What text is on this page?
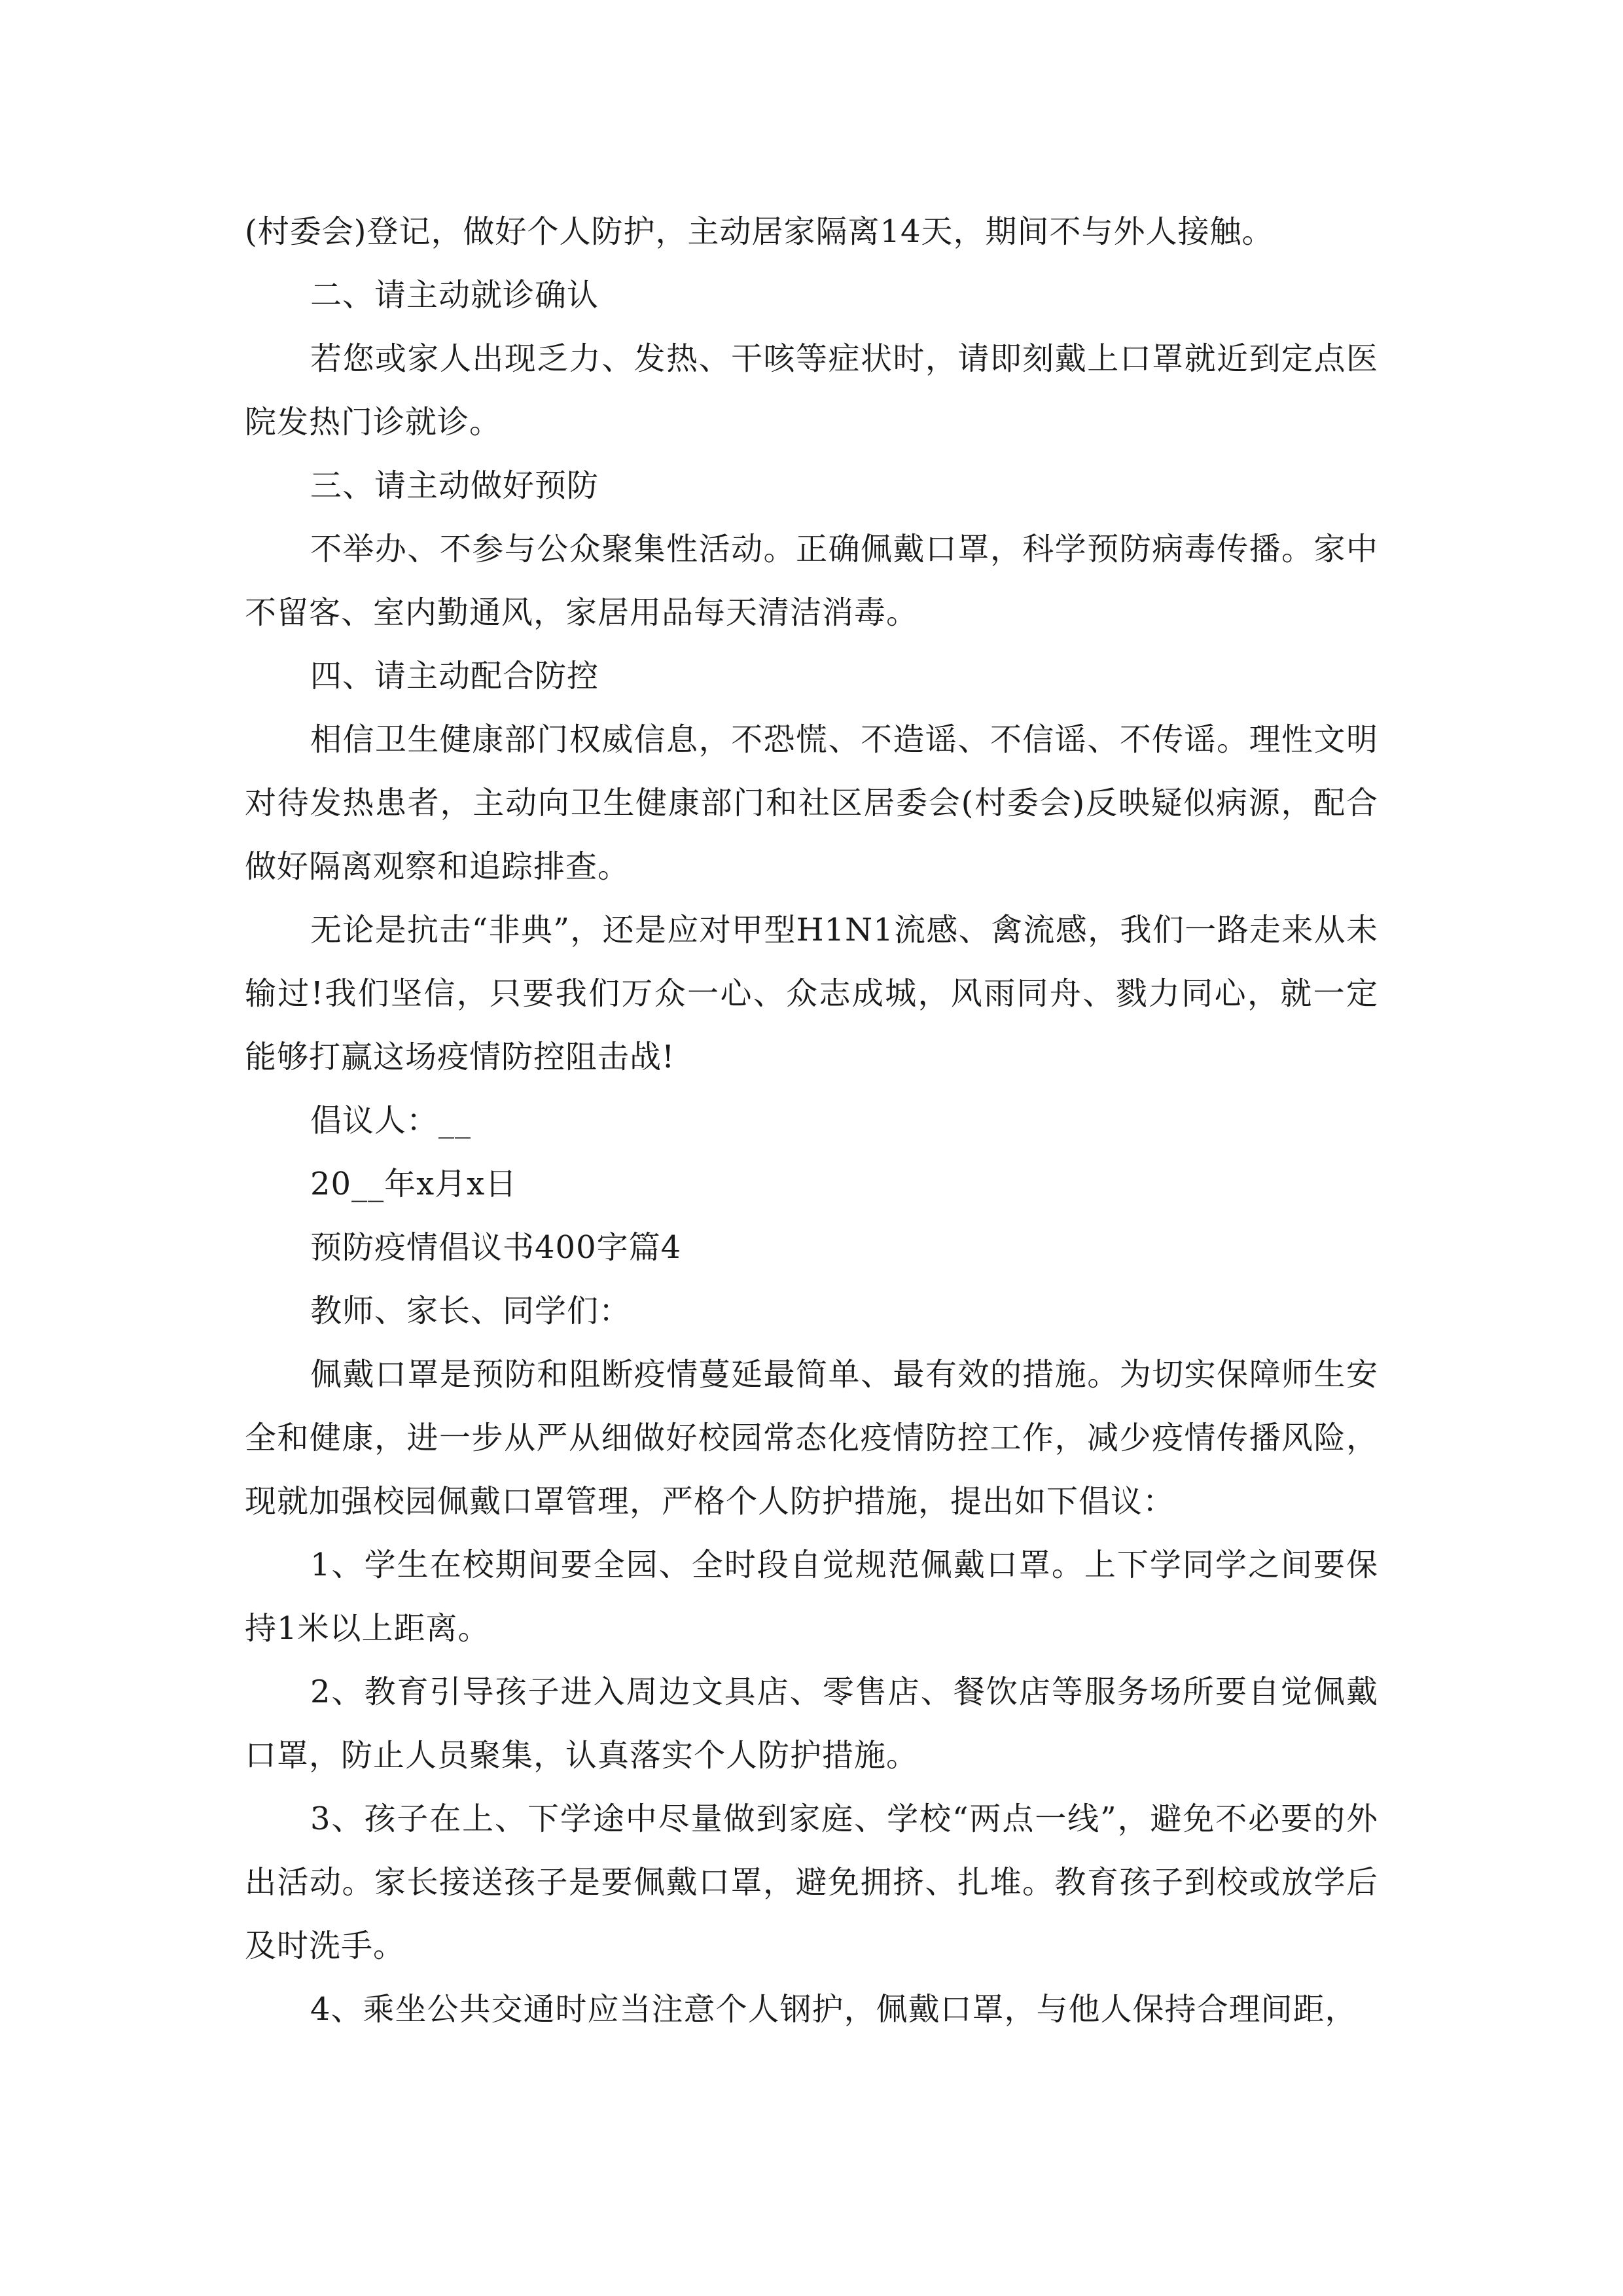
(村委会)登记，做好个人防护，主动居家隔离14天，期间不与外人接触。

二、请主动就诊确认

若您或家人出现乏力、发热、干咳等症状时，请即刻戴上口罩就近到定点医院发热门诊就诊。

三、请主动做好预防

不举办、不参与公众聚集性活动。正确佩戴口罩，科学预防病毒传播。家中不留客、室内勤通风，家居用品每天清洁消毒。

四、请主动配合防控

相信卫生健康部门权威信息，不恐慌、不造谣、不信谣、不传谣。理性文明对待发热患者，主动向卫生健康部门和社区居委会(村委会)反映疑似病源，配合做好隔离观察和追踪排查。

无论是抗击“非典”，还是应对甲型H1N1流感、禽流感，我们一路走来从未输过!我们坚信，只要我们万众一心、众志成城，风雨同舟、戮力同心，就一定能够打赢这场疫情防控阻击战!

倡议人：__

20__年x月x日

预防疫情倡议书400字篇4

教师、家长、同学们：

佩戴口罩是预防和阻断疫情蔓延最简单、最有效的措施。为切实保障师生安全和健康，进一步从严从细做好校园常态化疫情防控工作，减少疫情传播风险，现就加强校园佩戴口罩管理，严格个人防护措施，提出如下倡议：

1、学生在校期间要全园、全时段自觉规范佩戴口罩。上下学同学之间要保持1米以上距离。

2、教育引导孩子进入周边文具店、零售店、餐饮店等服务场所要自觉佩戴口罩，防止人员聚集，认真落实个人防护措施。

3、孩子在上、下学途中尽量做到家庭、学校“两点一线”，避免不必要的外出活动。家长接送孩子是要佩戴口罩，避免拥挤、扎堆。教育孩子到校或放学后及时洗手。

4、乘坐公共交通时应当注意个人钢护，佩戴口罩，与他人保持合理间距，
